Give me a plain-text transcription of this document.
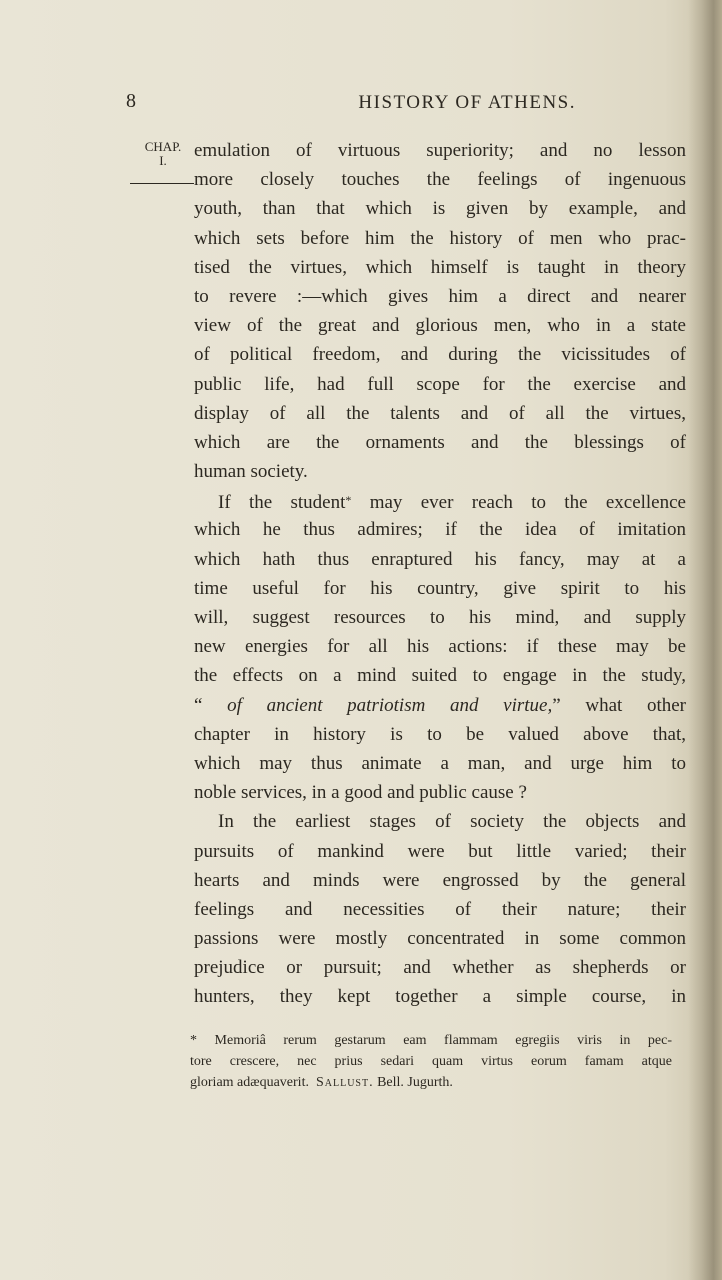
8	HISTORY OF ATHENS.
CHAP.
I.	emulation of virtuous superiority; and no lesson
more closely touches the feelings of ingenuous
youth, than that which is given by example, and
which sets before him the history of men who prac-
tised the virtues, which himself is taught in theory
to revere :—which gives him a direct and nearer
view of the great and glorious men, who in a state
of political freedom, and during the vicissitudes of
public life, had full scope for the exercise and
display of all the talents and of all the virtues,
which are the ornaments and the blessings of
human society.
If the student* may ever reach to the excellence
which he thus admires; if the idea of imitation
which hath thus enraptured his fancy, may at a
time useful for his country, give spirit to his
will, suggest resources to his mind, and supply
new energies for all his actions: if these may be
the effects on a mind suited to engage in the study,
“ of ancient patriotism and virtue,” what other
chapter in history is to be valued above that,
which may thus animate a man, and urge him to
noble services, in a good and public cause ?
In the earliest stages of society the objects and
pursuits of mankind were but little varied; their
hearts and minds were engrossed by the general
feelings and necessities of their nature; their
passions were mostly concentrated in some common
prejudice or pursuit; and whether as shepherds or
hunters, they kept together a simple course, in
* Memoriâ rerum gestarum eam flammam egregiis viris in pec-
tore crescere, nec prius sedari quam virtus eorum famam atque
gloriam adæquaverit. Sallust. Bell. Jugurth.
